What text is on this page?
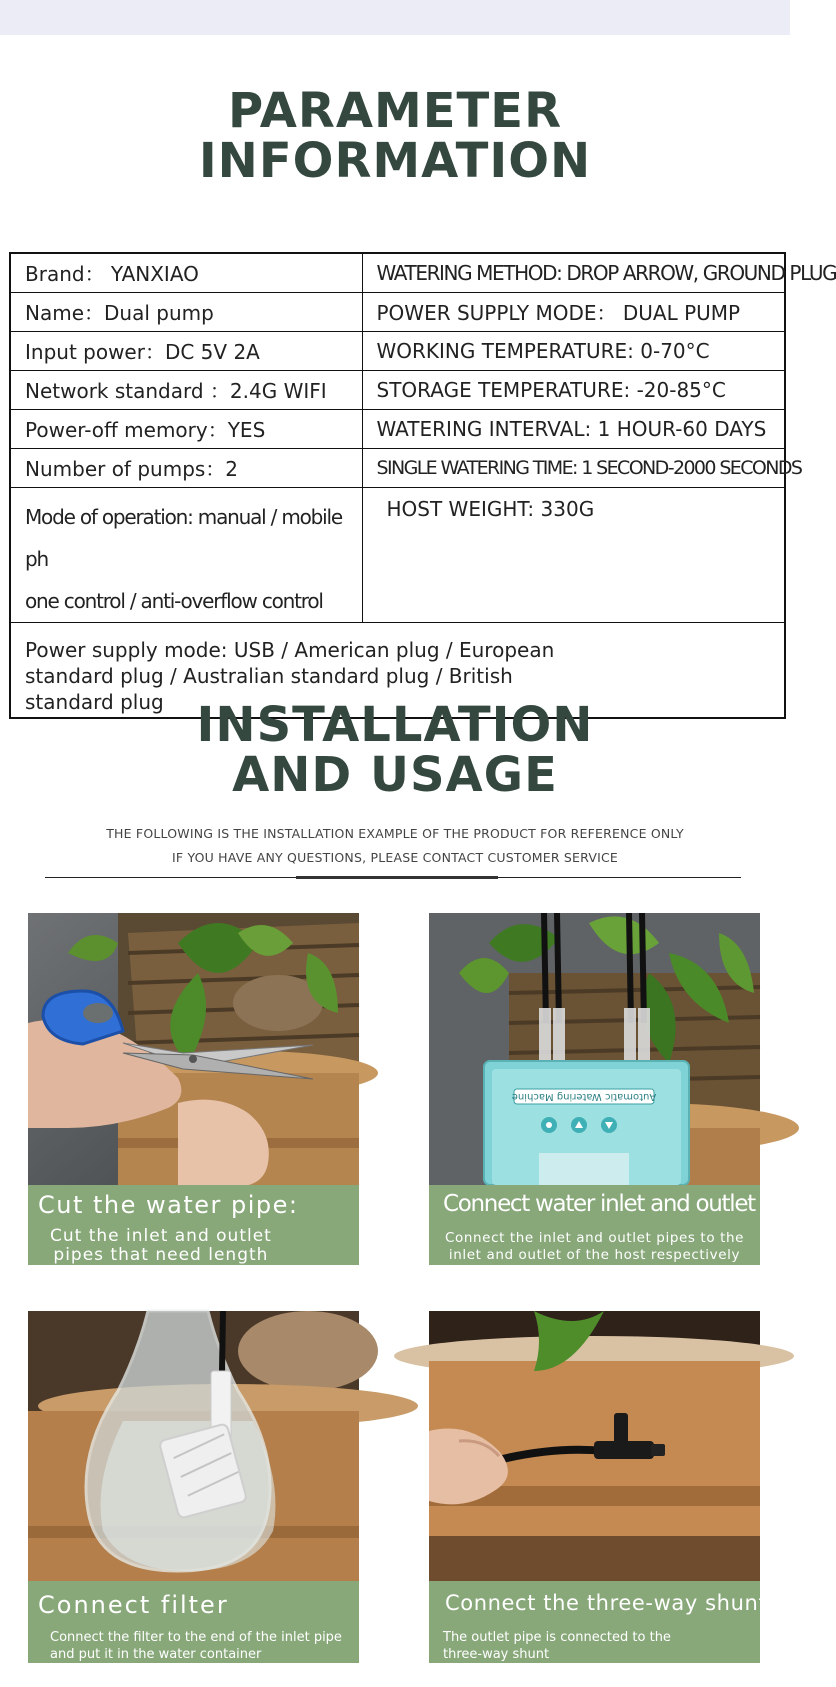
PARAMETER
INFORMATION
Brand： YANXIAO	WATERING METHOD: DROP ARROW, GROUND PLUG
Name：Dual pump	POWER SUPPLY MODE： DUAL PUMP
Input power：DC 5V 2A	WORKING TEMPERATURE: 0-70°C
Network standard ：2.4G WIFI	STORAGE TEMPERATURE: -20-85°C
Power-off memory：YES	WATERING INTERVAL: 1 HOUR-60 DAYS
Number of pumps：2	SINGLE WATERING TIME: 1 SECOND-2000 SECONDS

Mode of operation: manual / mobile ph
one control / anti-overflow control	HOST WEIGHT: 330G

Power supply mode: USB / American plug / European standard plug / Australian standard plug / British standard plug	INSTALLATION
AND USAGE
THE FOLLOWING IS THE INSTALLATION EXAMPLE OF THE PRODUCT FOR REFERENCE ONLY
IF YOU HAVE ANY QUESTIONS, PLEASE CONTACT CUSTOMER SERVICE
Cut the water pipe:
Cut the inlet and outlet
pipes that need length
Automatic Watering Machine
Connect water inlet and outlet
Connect the inlet and outlet pipes to the
inlet and outlet of the host respectively
Connect filter
Connect the filter to the end of the inlet pipe
and put it in the water container
Connect the three-way shunt
The outlet pipe is connected to the
three-way shunt
